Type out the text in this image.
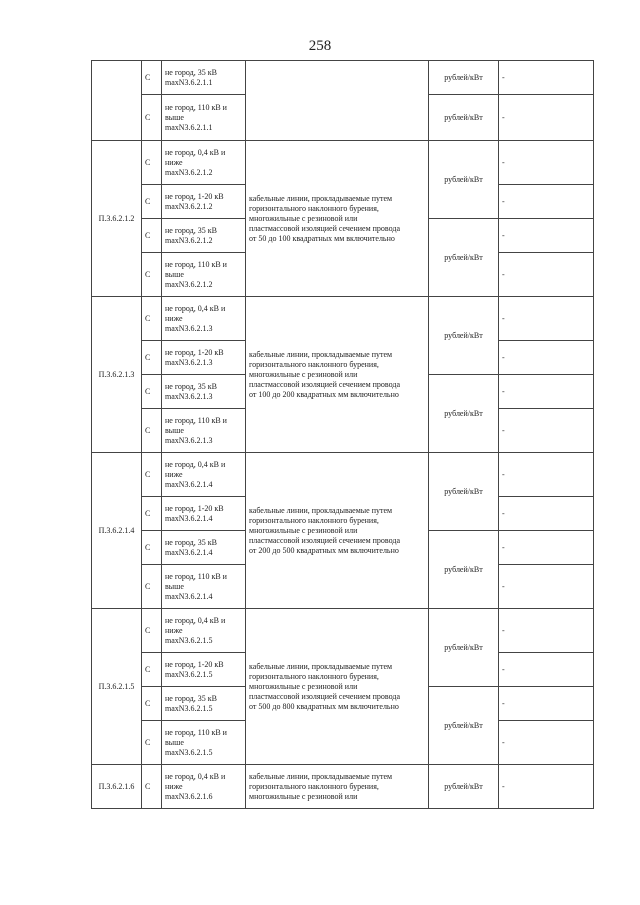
258
	C	не город, 35 кВ
maxN3.6.2.1.1		рублей/кВт	-
	C	не город, 110 кВ и
выше
maxN3.6.2.1.1		рублей/кВт	-
П.3.6.2.1.2	C	не город, 0,4 кВ и
ниже
maxN3.6.2.1.2	кабельные линии, прокладываемые путем
горизонтального наклонного бурения,
многожильные с резиновой или
пластмассовой изоляцией сечением провода
от 50 до 100 квадратных мм включительно	рублей/кВт	-
	C	не город, 1-20 кВ
maxN3.6.2.1.2			-
	C	не город, 35 кВ
maxN3.6.2.1.2		рублей/кВт	-
	C	не город, 110 кВ и
выше
maxN3.6.2.1.2			-
П.3.6.2.1.3	C	не город, 0,4 кВ и
ниже
maxN3.6.2.1.3	кабельные линии, прокладываемые путем
горизонтального наклонного бурения,
многожильные с резиновой или
пластмассовой изоляцией сечением провода
от 100 до 200 квадратных мм включительно	рублей/кВт	-
	C	не город, 1-20 кВ
maxN3.6.2.1.3			-
	C	не город, 35 кВ
maxN3.6.2.1.3		рублей/кВт	-
	C	не город, 110 кВ и
выше
maxN3.6.2.1.3			-
П.3.6.2.1.4	C	не город, 0,4 кВ и
ниже
maxN3.6.2.1.4	кабельные линии, прокладываемые путем
горизонтального наклонного бурения,
многожильные с резиновой или
пластмассовой изоляцией сечением провода
от 200 до 500 квадратных мм включительно	рублей/кВт	-
	C	не город, 1-20 кВ
maxN3.6.2.1.4			-
	C	не город, 35 кВ
maxN3.6.2.1.4		рублей/кВт	-
	C	не город, 110 кВ и
выше
maxN3.6.2.1.4			-
П.3.6.2.1.5	C	не город, 0,4 кВ и
ниже
maxN3.6.2.1.5	кабельные линии, прокладываемые путем
горизонтального наклонного бурения,
многожильные с резиновой или
пластмассовой изоляцией сечением провода
от 500 до 800 квадратных мм включительно	рублей/кВт	-
	C	не город, 1-20 кВ
maxN3.6.2.1.5			-
	C	не город, 35 кВ
maxN3.6.2.1.5		рублей/кВт	-
	C	не город, 110 кВ и
выше
maxN3.6.2.1.5			-
П.3.6.2.1.6	C	не город, 0,4 кВ и
ниже
maxN3.6.2.1.6	кабельные линии, прокладываемые путем
горизонтального наклонного бурения,
многожильные с резиновой или	рублей/кВт	-
